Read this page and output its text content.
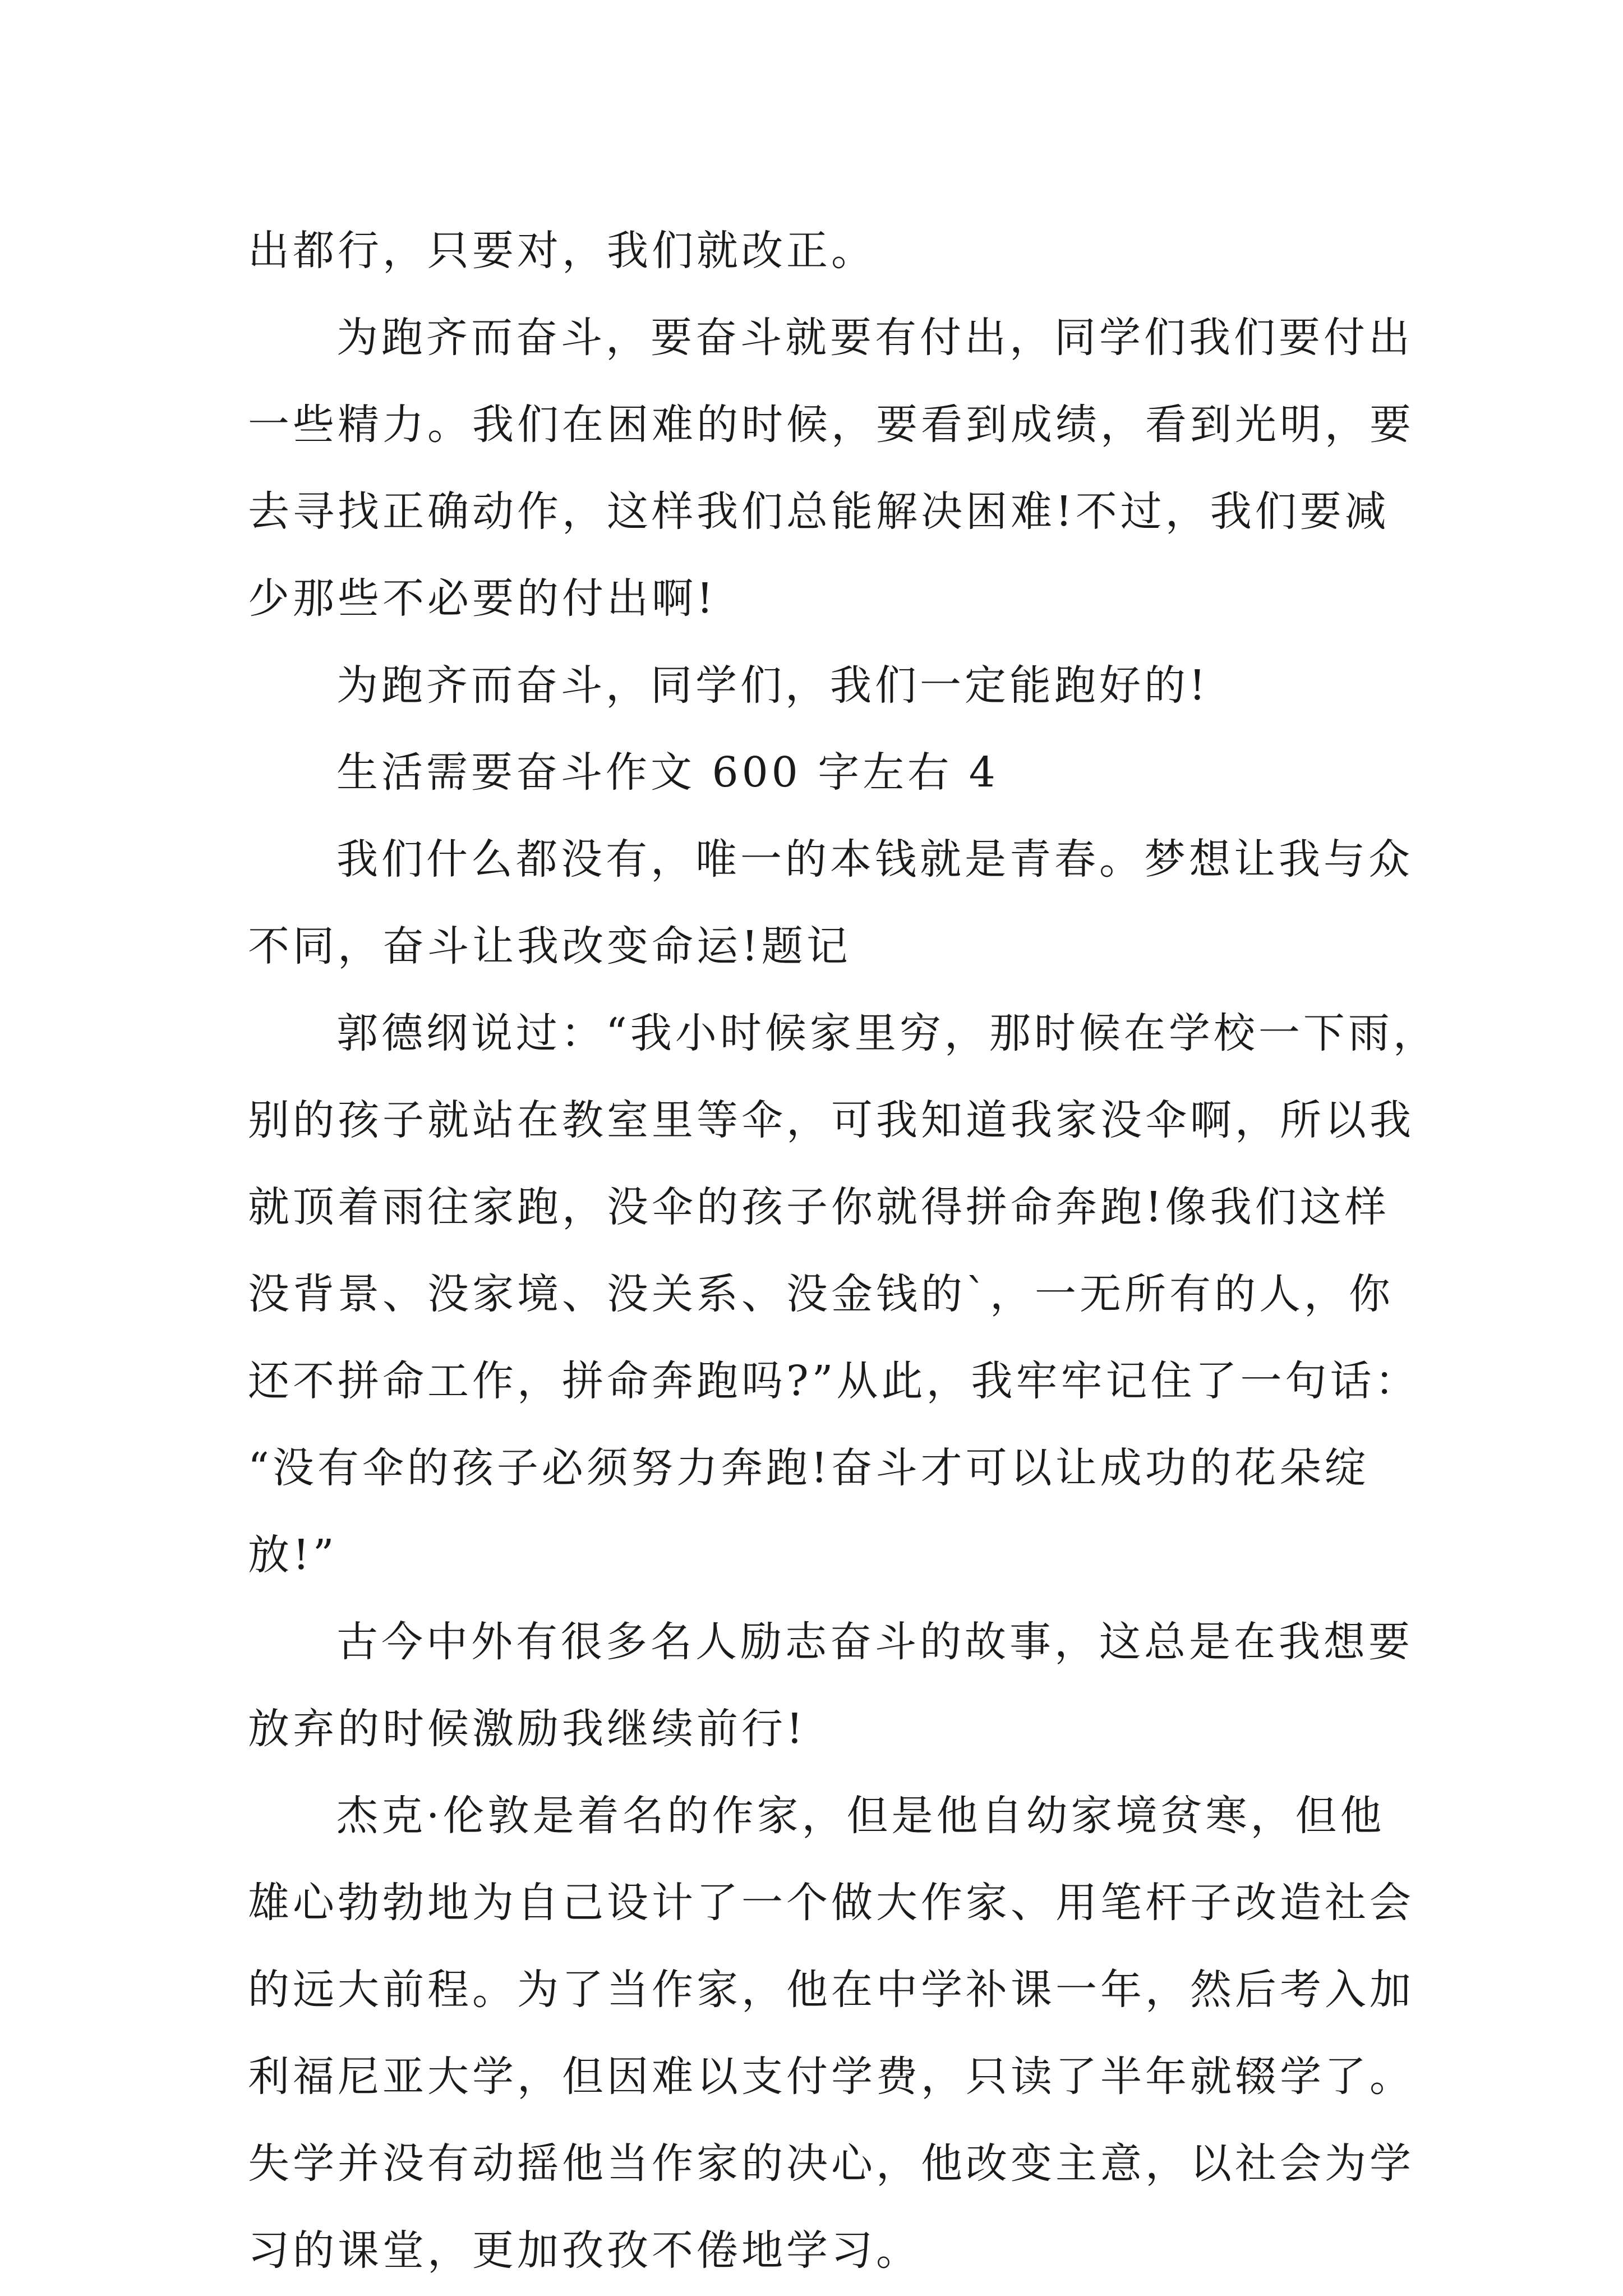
出都行，只要对，我们就改正。
为跑齐而奋斗，要奋斗就要有付出，同学们我们要付出
一些精力。我们在困难的时候，要看到成绩，看到光明，要
去寻找正确动作，这样我们总能解决困难!不过，我们要减
少那些不必要的付出啊!
为跑齐而奋斗，同学们，我们一定能跑好的!
生活需要奋斗作文 600 字左右 4
我们什么都没有，唯一的本钱就是青春。梦想让我与众
不同，奋斗让我改变命运!题记
郭德纲说过：“我小时候家里穷，那时候在学校一下雨，
别的孩子就站在教室里等伞，可我知道我家没伞啊，所以我
就顶着雨往家跑，没伞的孩子你就得拼命奔跑!像我们这样
没背景、没家境、没关系、没金钱的`，一无所有的人，你
还不拼命工作，拼命奔跑吗?”从此，我牢牢记住了一句话：
“没有伞的孩子必须努力奔跑!奋斗才可以让成功的花朵绽
放!”
古今中外有很多名人励志奋斗的故事，这总是在我想要
放弃的时候激励我继续前行!
杰克·伦敦是着名的作家，但是他自幼家境贫寒，但他
雄心勃勃地为自己设计了一个做大作家、用笔杆子改造社会
的远大前程。为了当作家，他在中学补课一年，然后考入加
利福尼亚大学，但因难以支付学费，只读了半年就辍学了。
失学并没有动摇他当作家的决心，他改变主意，以社会为学
习的课堂，更加孜孜不倦地学习。
